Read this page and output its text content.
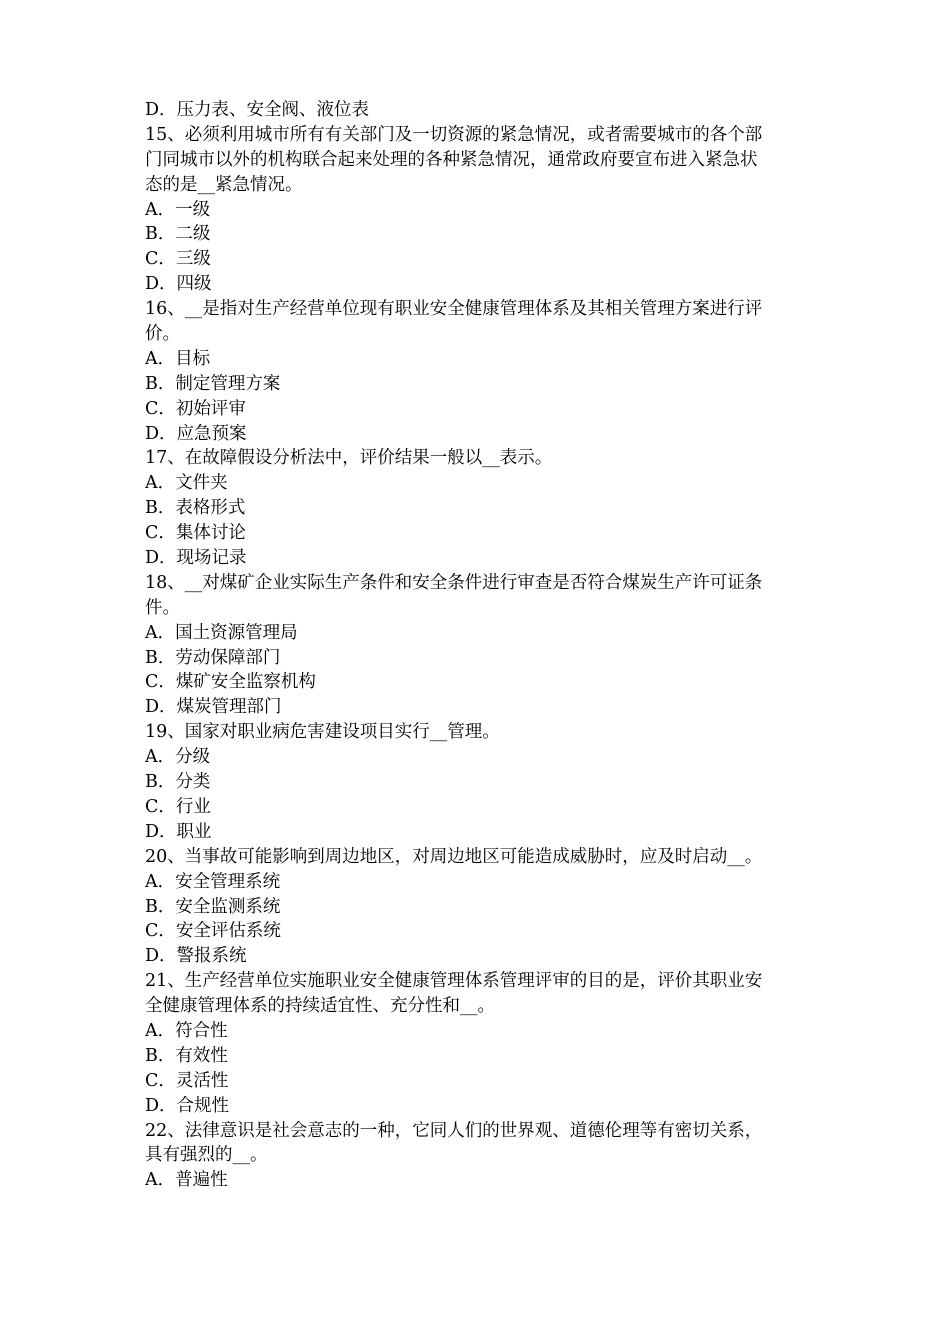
D．压力表、安全阀、液位表
15、必须利用城市所有有关部门及一切资源的紧急情况，或者需要城市的各个部
门同城市以外的机构联合起来处理的各种紧急情况，通常政府要宣布进入紧急状
态的是__紧急情况。
A．一级
B．二级
C．三级
D．四级
16、__是指对生产经营单位现有职业安全健康管理体系及其相关管理方案进行评
价。
A．目标
B．制定管理方案
C．初始评审
D．应急预案
17、在故障假设分析法中，评价结果一般以__表示。
A．文件夹
B．表格形式
C．集体讨论
D．现场记录
18、__对煤矿企业实际生产条件和安全条件进行审查是否符合煤炭生产许可证条
件。
A．国土资源管理局
B．劳动保障部门
C．煤矿安全监察机构
D．煤炭管理部门
19、国家对职业病危害建设项目实行__管理。
A．分级
B．分类
C．行业
D．职业
20、当事故可能影响到周边地区，对周边地区可能造成威胁时，应及时启动__。
A．安全管理系统
B．安全监测系统
C．安全评估系统
D．警报系统
21、生产经营单位实施职业安全健康管理体系管理评审的目的是，评价其职业安
全健康管理体系的持续适宜性、充分性和__。
A．符合性
B．有效性
C．灵活性
D．合规性
22、法律意识是社会意志的一种，它同人们的世界观、道德伦理等有密切关系，
具有强烈的__。
A．普遍性
